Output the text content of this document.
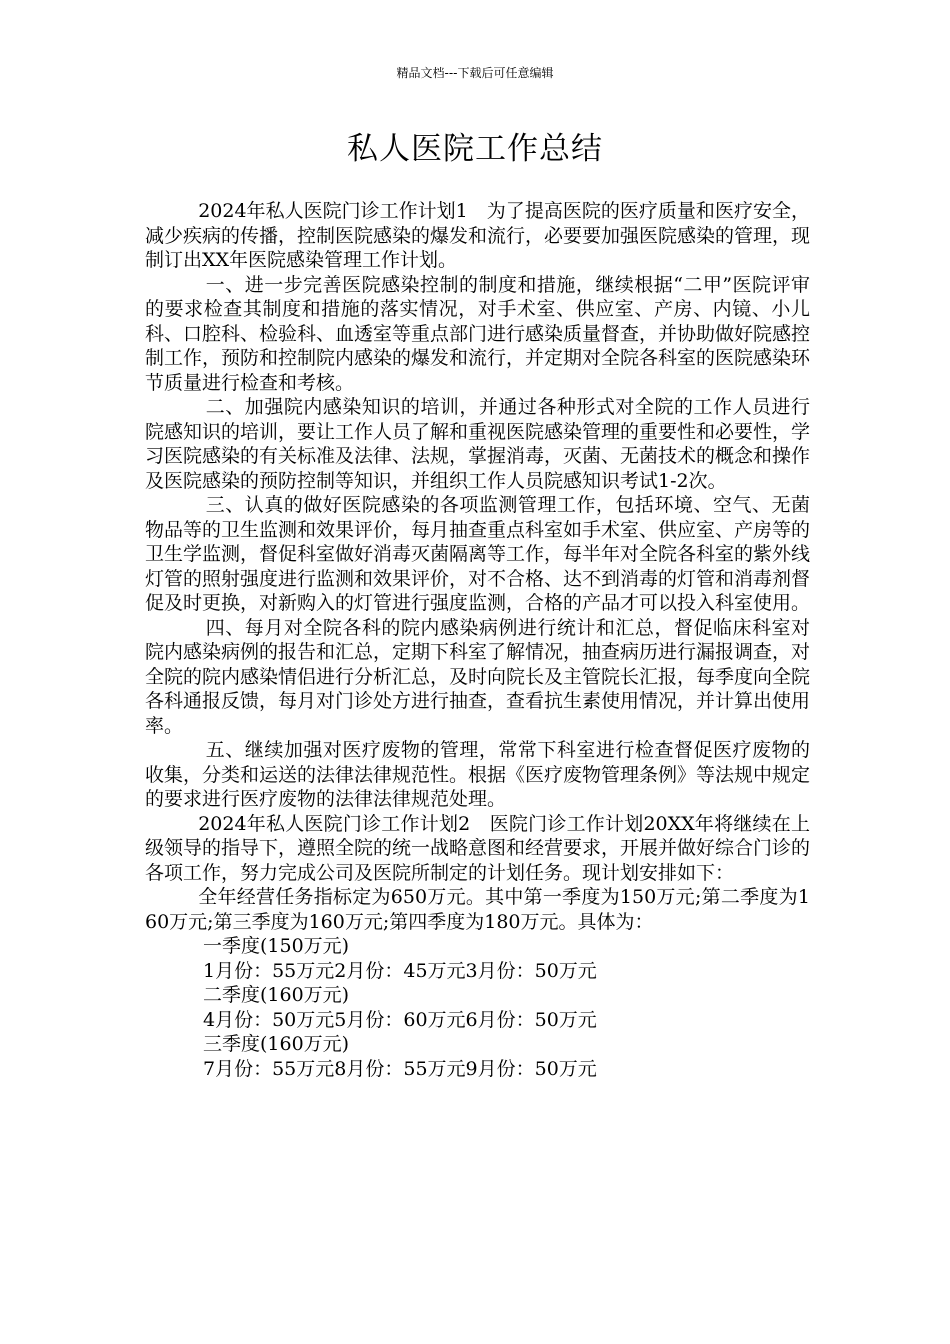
精品文档---下载后可任意编辑
私人医院工作总结

2024年私人医院门诊工作计划1　为了提高医院的医疗质量和医疗安全，减少疾病的传播，控制医院感染的爆发和流行，必要要加强医院感染的管理，现制订出XX年医院感染管理工作计划。

一、进一步完善医院感染控制的制度和措施，继续根据“二甲”医院评审的要求检查其制度和措施的落实情况，对手术室、供应室、产房、内镜、小儿科、口腔科、检验科、血透室等重点部门进行感染质量督查，并协助做好院感控制工作，预防和控制院内感染的爆发和流行，并定期对全院各科室的医院感染环节质量进行检查和考核。

二、加强院内感染知识的培训，并通过各种形式对全院的工作人员进行院感知识的培训，要让工作人员了解和重视医院感染管理的重要性和必要性，学习医院感染的有关标准及法律、法规，掌握消毒，灭菌、无菌技术的概念和操作及医院感染的预防控制等知识，并组织工作人员院感知识考试1-2次。

三、认真的做好医院感染的各项监测管理工作，包括环境、空气、无菌物品等的卫生监测和效果评价，每月抽查重点科室如手术室、供应室、产房等的卫生学监测，督促科室做好消毒灭菌隔离等工作，每半年对全院各科室的紫外线灯管的照射强度进行监测和效果评价，对不合格、达不到消毒的灯管和消毒剂督促及时更换，对新购入的灯管进行强度监测，合格的产品才可以投入科室使用。

四、每月对全院各科的院内感染病例进行统计和汇总，督促临床科室对院内感染病例的报告和汇总，定期下科室了解情况，抽查病历进行漏报调查，对全院的院内感染情侣进行分析汇总，及时向院长及主管院长汇报，每季度向全院各科通报反馈，每月对门诊处方进行抽查，查看抗生素使用情况，并计算出使用率。

五、继续加强对医疗废物的管理，常常下科室进行检查督促医疗废物的收集，分类和运送的法律法律规范性。根据《医疗废物管理条例》等法规中规定的要求进行医疗废物的法律法律规范处理。

2024年私人医院门诊工作计划2　医院门诊工作计划20XX年将继续在上级领导的指导下，遵照全院的统一战略意图和经营要求，开展并做好综合门诊的各项工作，努力完成公司及医院所制定的计划任务。现计划安排如下：

全年经营任务指标定为650万元。其中第一季度为150万元;第二季度为160万元;第三季度为160万元;第四季度为180万元。具体为：

一季度(150万元)

1月份：55万元2月份：45万元3月份：50万元

二季度(160万元)

4月份：50万元5月份：60万元6月份：50万元

三季度(160万元)

7月份：55万元8月份：55万元9月份：50万元
